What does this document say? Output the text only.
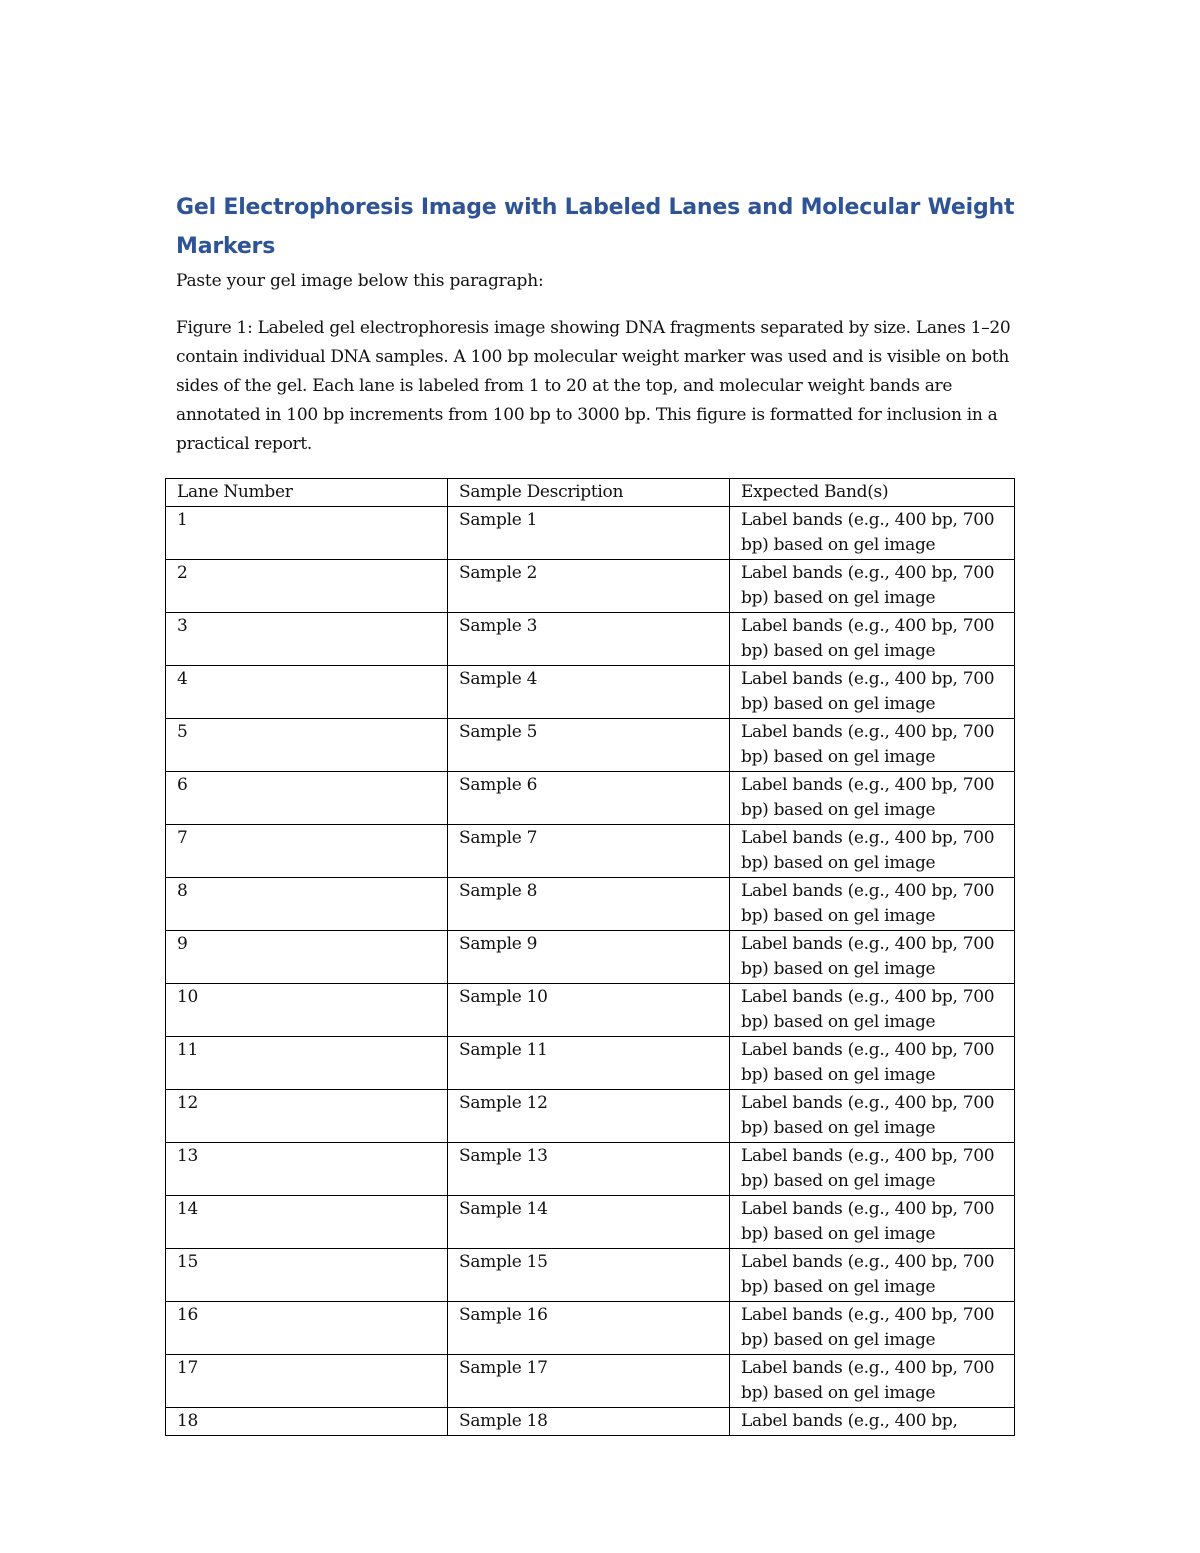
Gel Electrophoresis Image with Labeled Lanes and Molecular Weight Markers

Paste your gel image below this paragraph:

Figure 1: Labeled gel electrophoresis image showing DNA fragments separated by size. Lanes 1–20 contain individual DNA samples. A 100 bp molecular weight marker was used and is visible on both sides of the gel. Each lane is labeled from 1 to 20 at the top, and molecular weight bands are annotated in 100 bp increments from 100 bp to 3000 bp. This figure is formatted for inclusion in a practical report.

Lane Number	Sample Description	Expected Band(s)
1	Sample 1	Label bands (e.g., 400 bp, 700 bp) based on gel image
2	Sample 2	Label bands (e.g., 400 bp, 700 bp) based on gel image
3	Sample 3	Label bands (e.g., 400 bp, 700 bp) based on gel image
4	Sample 4	Label bands (e.g., 400 bp, 700 bp) based on gel image
5	Sample 5	Label bands (e.g., 400 bp, 700 bp) based on gel image
6	Sample 6	Label bands (e.g., 400 bp, 700 bp) based on gel image
7	Sample 7	Label bands (e.g., 400 bp, 700 bp) based on gel image
8	Sample 8	Label bands (e.g., 400 bp, 700 bp) based on gel image
9	Sample 9	Label bands (e.g., 400 bp, 700 bp) based on gel image
10	Sample 10	Label bands (e.g., 400 bp, 700 bp) based on gel image
11	Sample 11	Label bands (e.g., 400 bp, 700 bp) based on gel image
12	Sample 12	Label bands (e.g., 400 bp, 700 bp) based on gel image
13	Sample 13	Label bands (e.g., 400 bp, 700 bp) based on gel image
14	Sample 14	Label bands (e.g., 400 bp, 700 bp) based on gel image
15	Sample 15	Label bands (e.g., 400 bp, 700 bp) based on gel image
16	Sample 16	Label bands (e.g., 400 bp, 700 bp) based on gel image
17	Sample 17	Label bands (e.g., 400 bp, 700 bp) based on gel image
18	Sample 18	Label bands (e.g., 400 bp,
